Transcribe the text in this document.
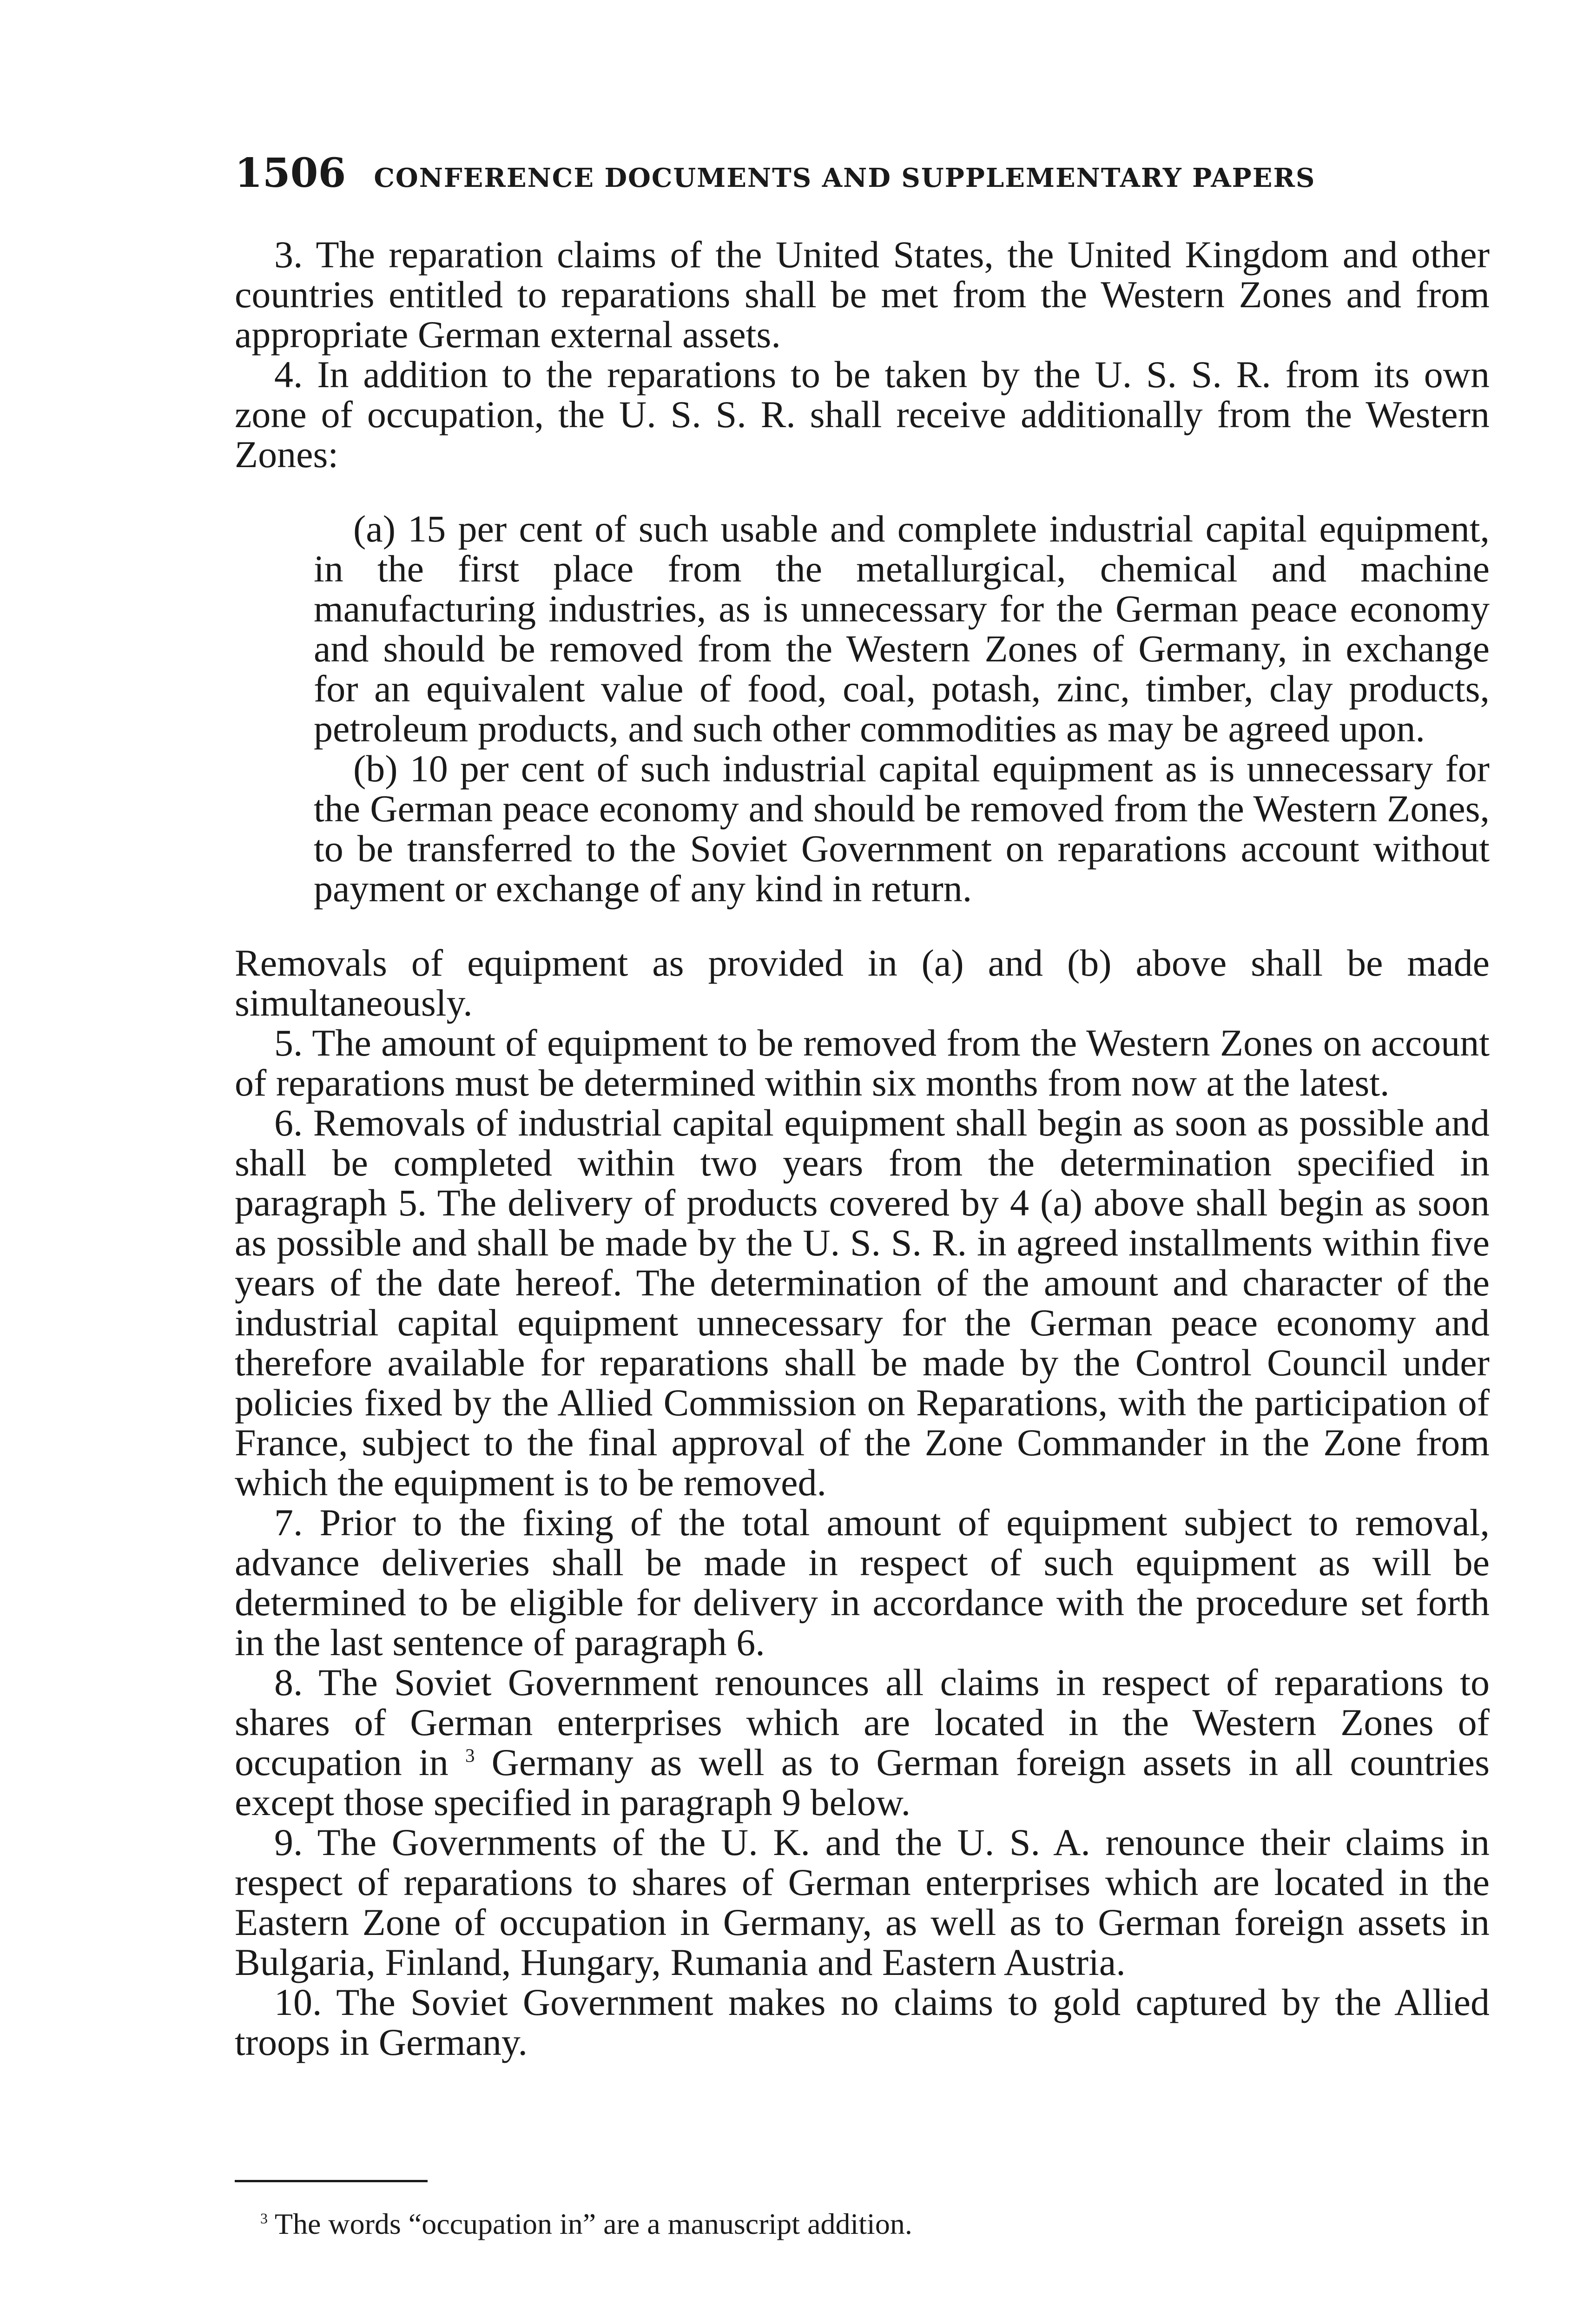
1506 CONFERENCE DOCUMENTS AND SUPPLEMENTARY PAPERS

3. The reparation claims of the United States, the United Kingdom and other countries entitled to reparations shall be met from the Western Zones and from appropriate German external assets.

4. In addition to the reparations to be taken by the U. S. S. R. from its own zone of occupation, the U. S. S. R. shall receive additionally from the Western Zones:

(a) 15 per cent of such usable and complete industrial capital equipment, in the first place from the metallurgical, chemical and machine manufacturing industries, as is unnecessary for the German peace economy and should be removed from the Western Zones of Germany, in exchange for an equivalent value of food, coal, potash, zinc, timber, clay products, petroleum products, and such other commodities as may be agreed upon.

(b) 10 per cent of such industrial capital equipment as is unnecessary for the German peace economy and should be removed from the Western Zones, to be transferred to the Soviet Government on reparations account without payment or exchange of any kind in return.

Removals of equipment as provided in (a) and (b) above shall be made simultaneously.

5. The amount of equipment to be removed from the Western Zones on account of reparations must be determined within six months from now at the latest.

6. Removals of industrial capital equipment shall begin as soon as possible and shall be completed within two years from the determination specified in paragraph 5. The delivery of products covered by 4 (a) above shall begin as soon as possible and shall be made by the U. S. S. R. in agreed installments within five years of the date hereof. The determination of the amount and character of the industrial capital equipment unnecessary for the German peace economy and therefore available for reparations shall be made by the Control Council under policies fixed by the Allied Commission on Reparations, with the participation of France, subject to the final approval of the Zone Commander in the Zone from which the equipment is to be removed.

7. Prior to the fixing of the total amount of equipment subject to removal, advance deliveries shall be made in respect of such equipment as will be determined to be eligible for delivery in accordance with the procedure set forth in the last sentence of paragraph 6.

8. The Soviet Government renounces all claims in respect of reparations to shares of German enterprises which are located in the Western Zones of occupation in $^3$ Germany as well as to German foreign assets in all countries except those specified in paragraph 9 below.

9. The Governments of the U. K. and the U. S. A. renounce their claims in respect of reparations to shares of German enterprises which are located in the Eastern Zone of occupation in Germany, as well as to German foreign assets in Bulgaria, Finland, Hungary, Rumania and Eastern Austria.

10. The Soviet Government makes no claims to gold captured by the Allied troops in Germany.

$^3$ The words “occupation in” are a manuscript addition.
